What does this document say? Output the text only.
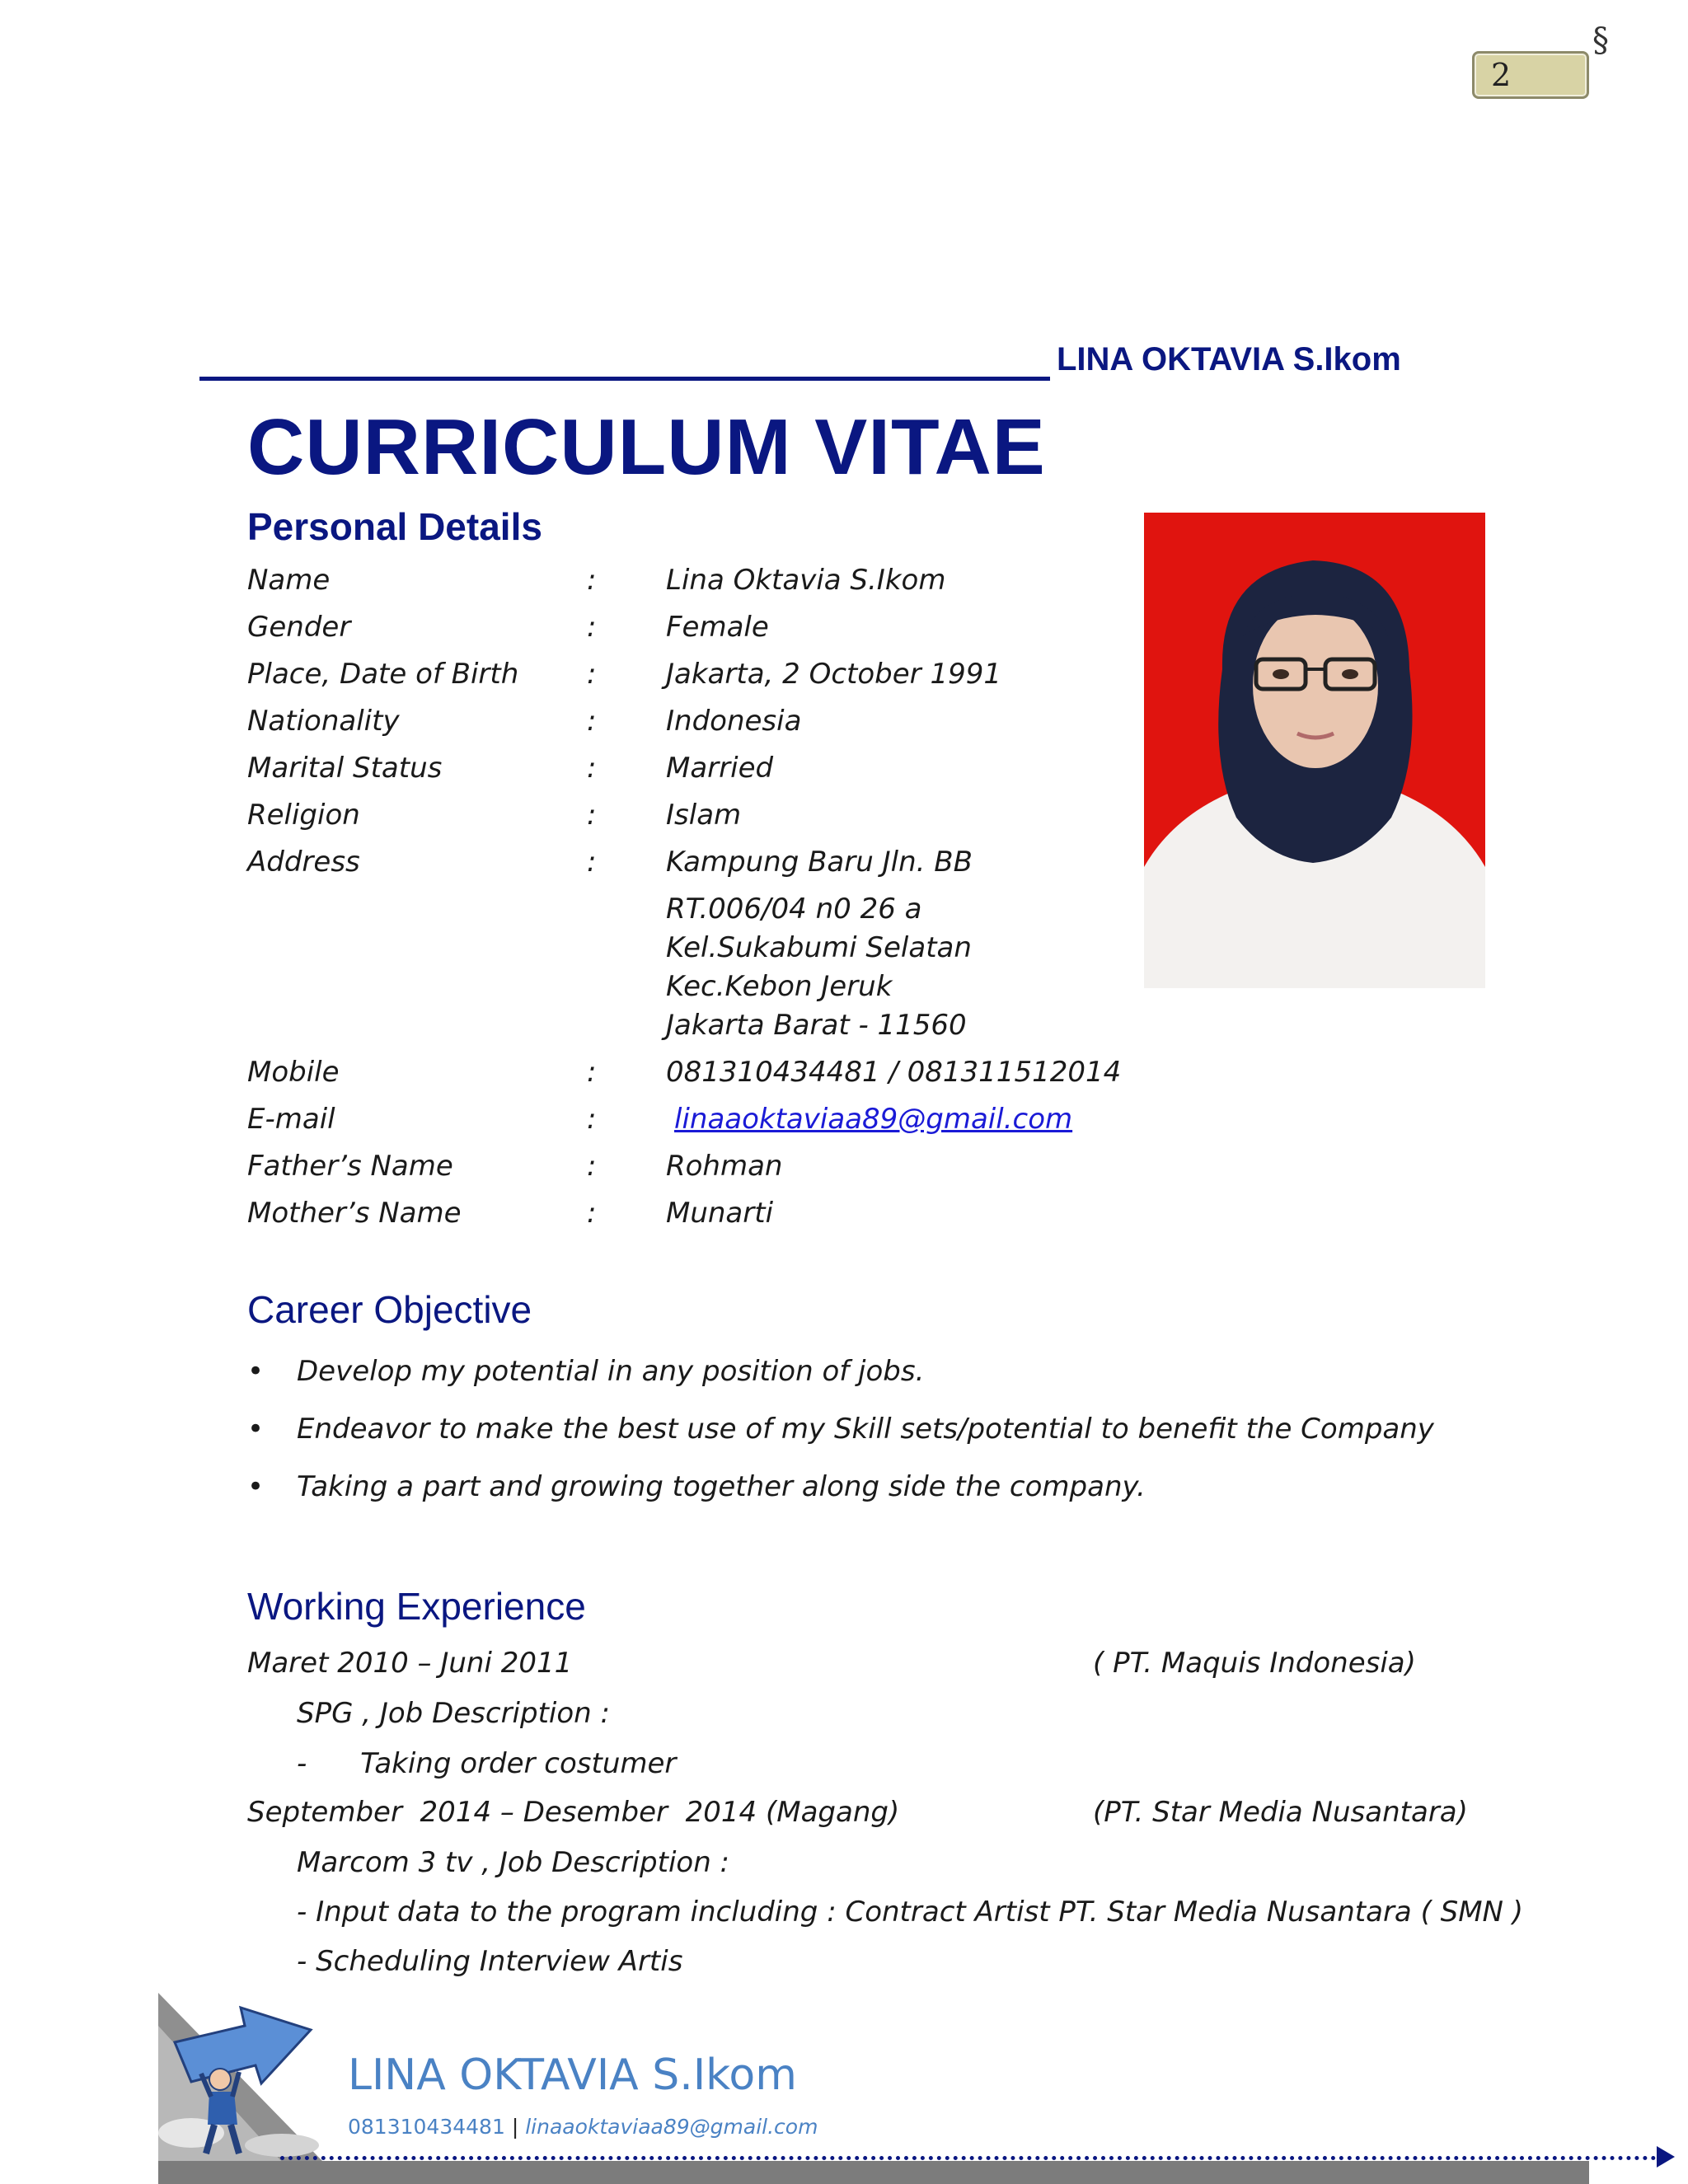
2
§
LINA OKTAVIA S.Ikom
CURRICULUM VITAE
Personal Details
Name	: Lina Oktavia S.Ikom
Gender	: Female
Place, Date of Birth : Jakarta, 2 October 1991
Nationality	: Indonesia
Marital Status	: Married
Religion	: Islam
Address	: Kampung Baru Jln. BB
RT.006/04 n0 26 a
Kel.Sukabumi Selatan
Kec.Kebon Jeruk
Jakarta Barat - 11560
Mobile	: 081310434481 / 081311512014
E-mail	:	linaaoktaviaa89@gmail.com
Father’s Name	: Rohman
Mother’s Name	: Munarti
Career Objective
• Develop my potential in any position of jobs.
• Endeavor to make the best use of my Skill sets/potential to benefit the Company
• Taking a part and growing together along side the company.
Working Experience
Maret 2010 – Juni 2011	( PT. Maquis Indonesia)
SPG , Job Description :
-      Taking order costumer
September  2014 – Desember  2014 (Magang)	(PT. Star Media Nusantara)
Marcom 3 tv , Job Description :
- Input data to the program including : Contract Artist PT. Star Media Nusantara ( SMN )
- Scheduling Interview Artis
LINA OKTAVIA S.Ikom
081310434481 | linaaoktaviaa89@gmail.com
